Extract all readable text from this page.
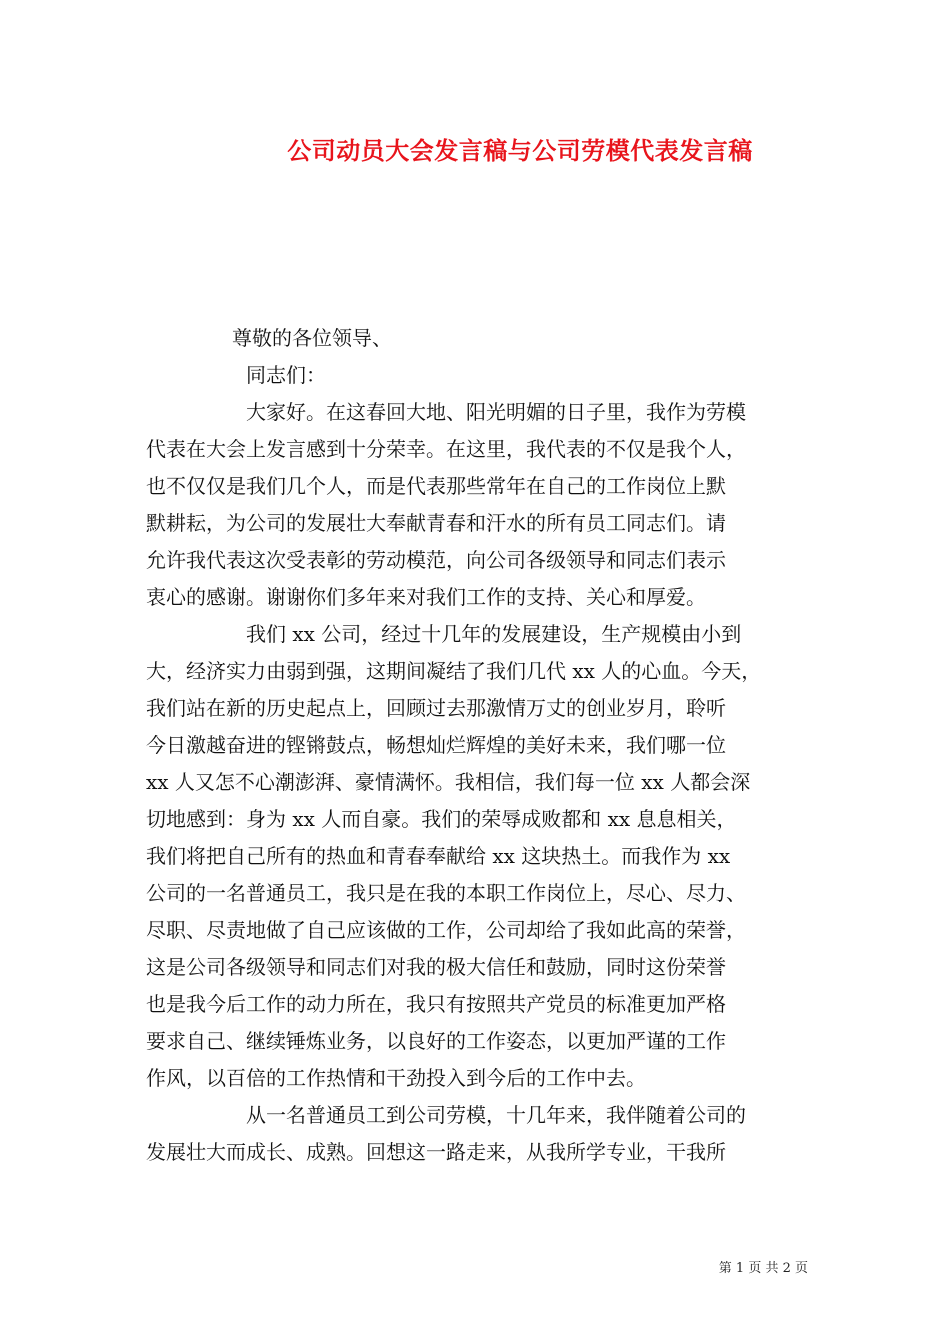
公司动员大会发言稿与公司劳模代表发言稿
尊敬的各位领导、
同志们：
大家好。在这春回大地、阳光明媚的日子里，我作为劳模
代表在大会上发言感到十分荣幸。在这里，我代表的不仅是我个人，
也不仅仅是我们几个人，而是代表那些常年在自己的工作岗位上默
默耕耘，为公司的发展壮大奉献青春和汗水的所有员工同志们。请
允许我代表这次受表彰的劳动模范，向公司各级领导和同志们表示
衷心的感谢。谢谢你们多年来对我们工作的支持、关心和厚爱。
我们 xx 公司，经过十几年的发展建设，生产规模由小到
大，经济实力由弱到强，这期间凝结了我们几代 xx 人的心血。今天，
我们站在新的历史起点上，回顾过去那激情万丈的创业岁月，聆听
今日激越奋进的铿锵鼓点，畅想灿烂辉煌的美好未来，我们哪一位
xx 人又怎不心潮澎湃、豪情满怀。我相信，我们每一位 xx 人都会深
切地感到：身为 xx 人而自豪。我们的荣辱成败都和 xx 息息相关，
我们将把自己所有的热血和青春奉献给 xx 这块热土。而我作为 xx
公司的一名普通员工，我只是在我的本职工作岗位上，尽心、尽力、
尽职、尽责地做了自己应该做的工作，公司却给了我如此高的荣誉，
这是公司各级领导和同志们对我的极大信任和鼓励，同时这份荣誉
也是我今后工作的动力所在，我只有按照共产党员的标准更加严格
要求自己、继续锤炼业务，以良好的工作姿态，以更加严谨的工作
作风，以百倍的工作热情和干劲投入到今后的工作中去。
从一名普通员工到公司劳模，十几年来，我伴随着公司的
发展壮大而成长、成熟。回想这一路走来，从我所学专业，干我所
第 1 页 共 2 页
